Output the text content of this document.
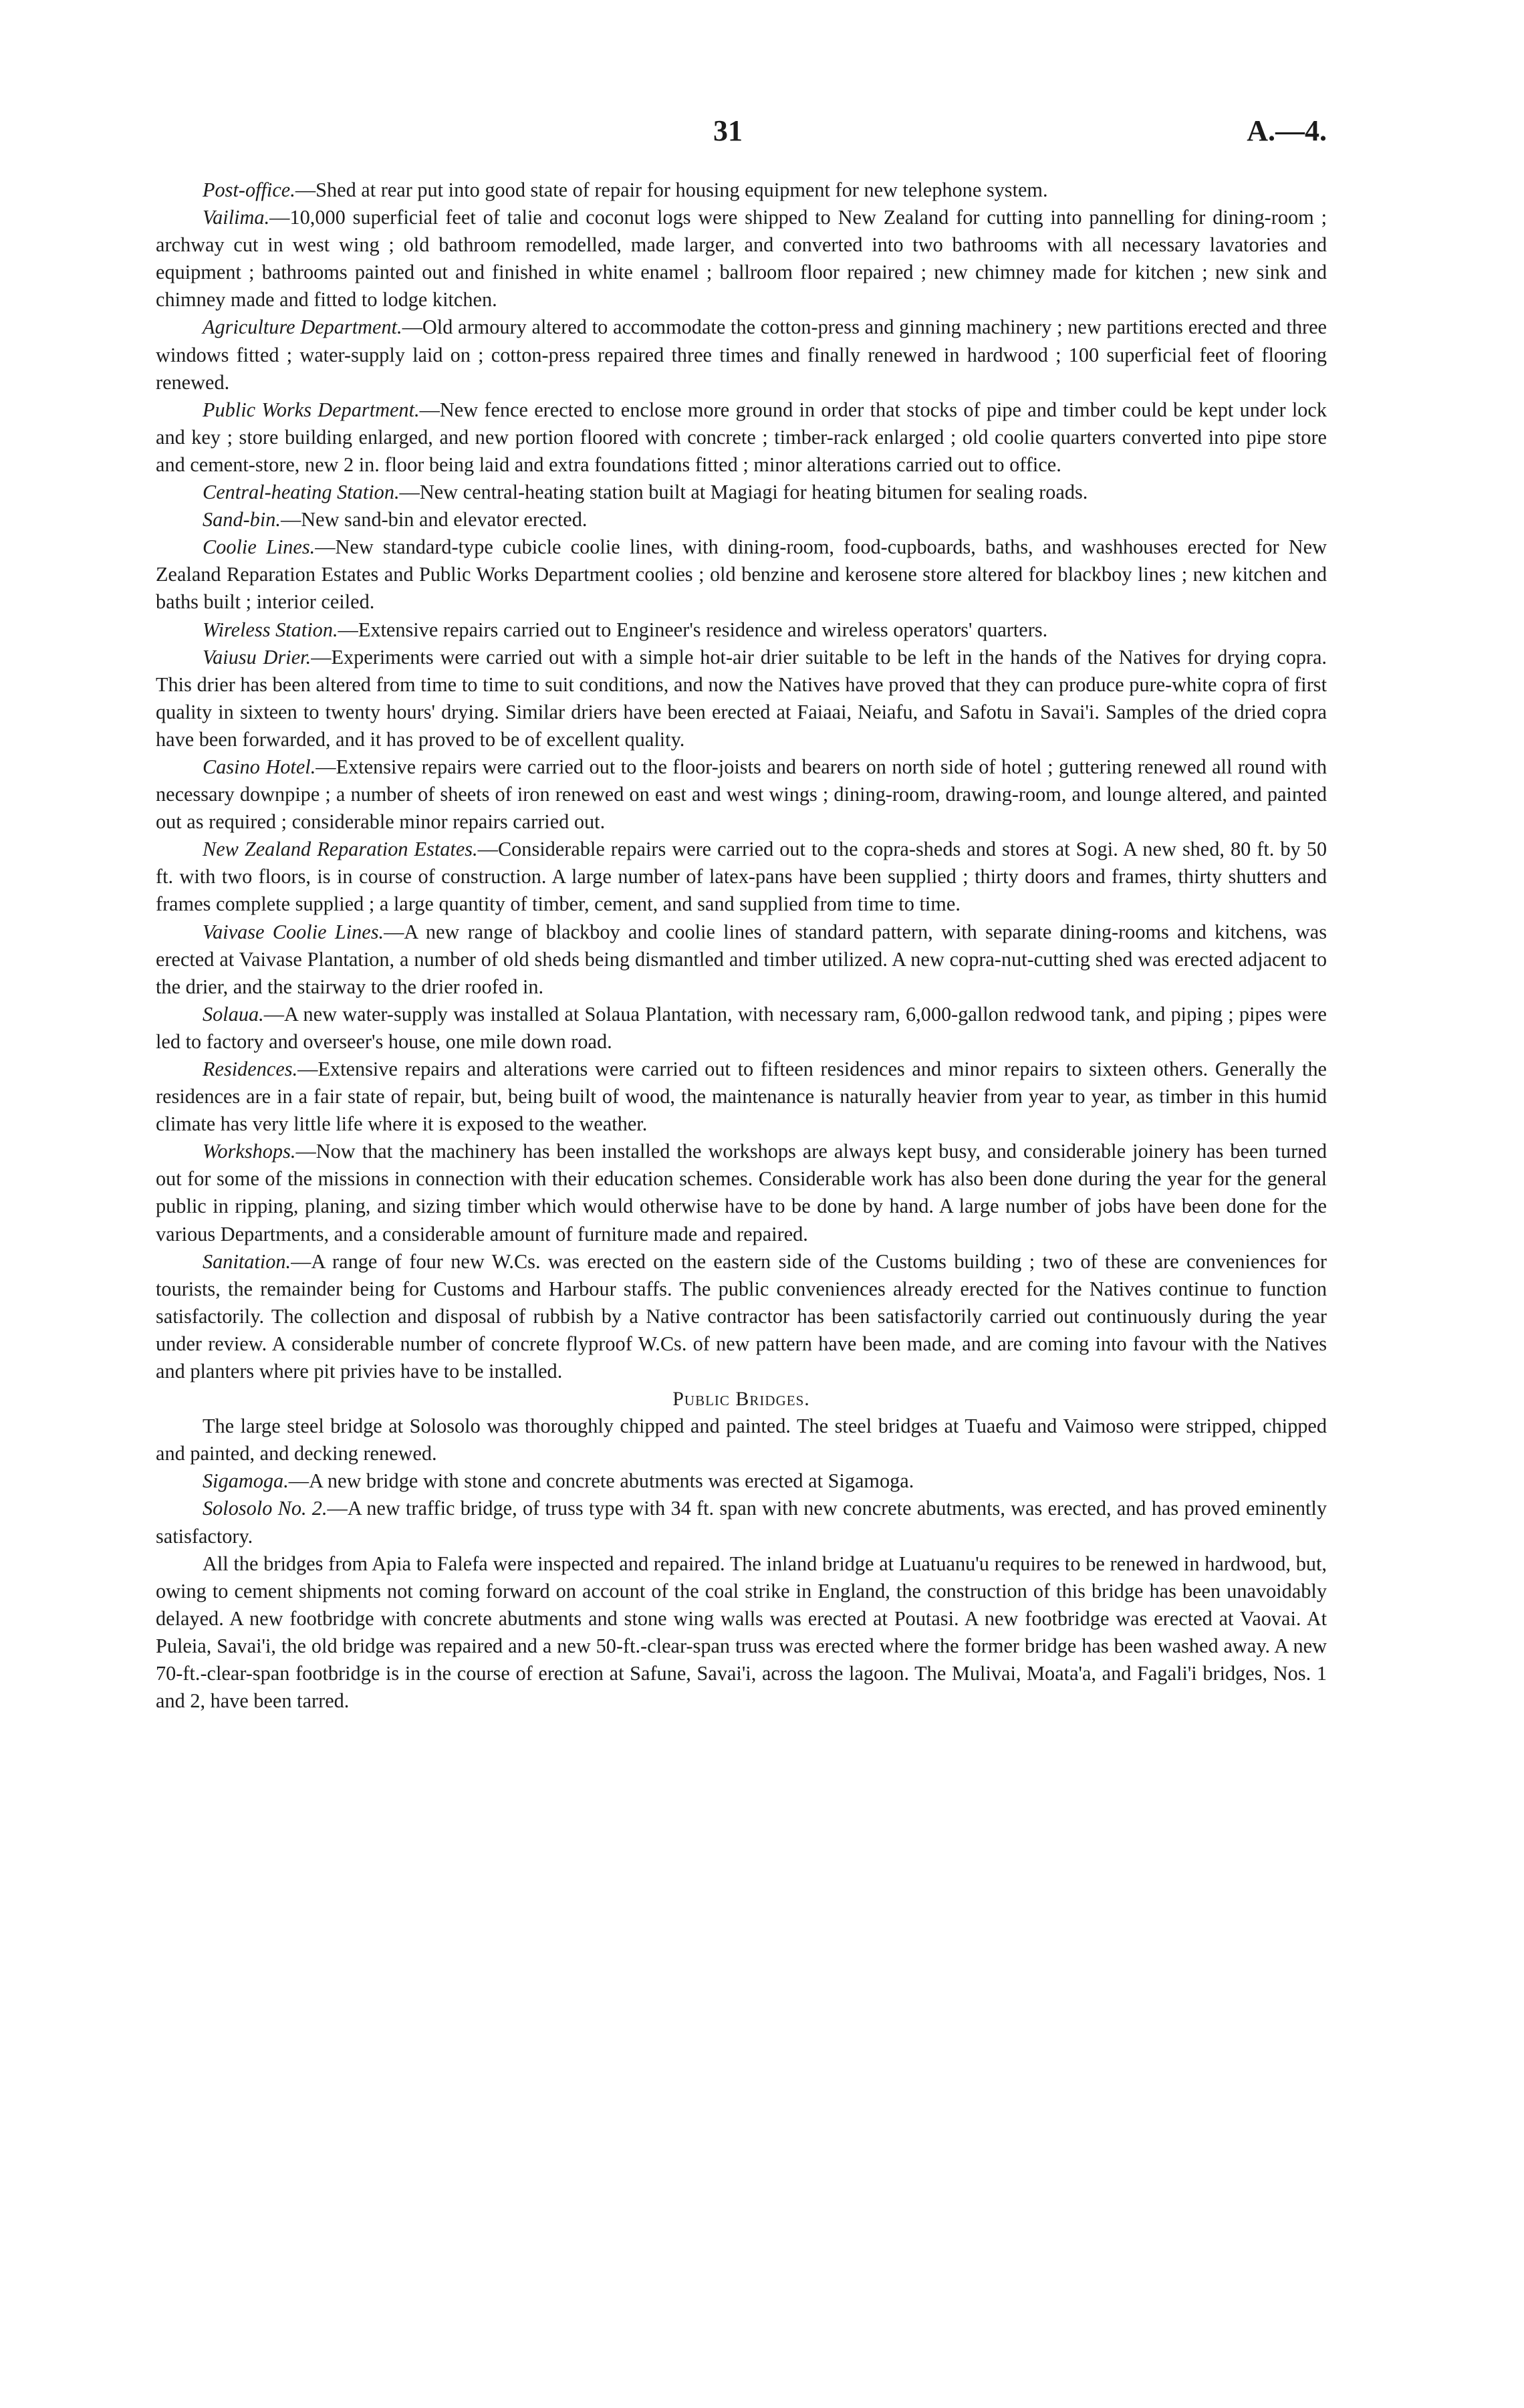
31	A.—4.

Post-office.—Shed at rear put into good state of repair for housing equipment for new telephone system.

Vailima.—10,000 superficial feet of talie and coconut logs were shipped to New Zealand for cutting into pannelling for dining-room ; archway cut in west wing ; old bathroom remodelled, made larger, and converted into two bathrooms with all necessary lavatories and equipment ; bathrooms painted out and finished in white enamel ; ballroom floor repaired ; new chimney made for kitchen ; new sink and chimney made and fitted to lodge kitchen.

Agriculture Department.—Old armoury altered to accommodate the cotton-press and ginning machinery ; new partitions erected and three windows fitted ; water-supply laid on ; cotton-press repaired three times and finally renewed in hardwood ; 100 superficial feet of flooring renewed.

Public Works Department.—New fence erected to enclose more ground in order that stocks of pipe and timber could be kept under lock and key ; store building enlarged, and new portion floored with concrete ; timber-rack enlarged ; old coolie quarters converted into pipe store and cement-store, new 2 in. floor being laid and extra foundations fitted ; minor alterations carried out to office.

Central-heating Station.—New central-heating station built at Magiagi for heating bitumen for sealing roads.

Sand-bin.—New sand-bin and elevator erected.

Coolie Lines.—New standard-type cubicle coolie lines, with dining-room, food-cupboards, baths, and washhouses erected for New Zealand Reparation Estates and Public Works Department coolies ; old benzine and kerosene store altered for blackboy lines ; new kitchen and baths built ; interior ceiled.

Wireless Station.—Extensive repairs carried out to Engineer's residence and wireless operators' quarters.

Vaiusu Drier.—Experiments were carried out with a simple hot-air drier suitable to be left in the hands of the Natives for drying copra. This drier has been altered from time to time to suit conditions, and now the Natives have proved that they can produce pure-white copra of first quality in sixteen to twenty hours' drying. Similar driers have been erected at Faiaai, Neiafu, and Safotu in Savai'i. Samples of the dried copra have been forwarded, and it has proved to be of excellent quality.

Casino Hotel.—Extensive repairs were carried out to the floor-joists and bearers on north side of hotel ; guttering renewed all round with necessary downpipe ; a number of sheets of iron renewed on east and west wings ; dining-room, drawing-room, and lounge altered, and painted out as required ; considerable minor repairs carried out.

New Zealand Reparation Estates.—Considerable repairs were carried out to the copra-sheds and stores at Sogi. A new shed, 80 ft. by 50 ft. with two floors, is in course of construction. A large number of latex-pans have been supplied ; thirty doors and frames, thirty shutters and frames complete supplied ; a large quantity of timber, cement, and sand supplied from time to time.

Vaivase Coolie Lines.—A new range of blackboy and coolie lines of standard pattern, with separate dining-rooms and kitchens, was erected at Vaivase Plantation, a number of old sheds being dismantled and timber utilized. A new copra-nut-cutting shed was erected adjacent to the drier, and the stairway to the drier roofed in.

Solaua.—A new water-supply was installed at Solaua Plantation, with necessary ram, 6,000-gallon redwood tank, and piping ; pipes were led to factory and overseer's house, one mile down road.

Residences.—Extensive repairs and alterations were carried out to fifteen residences and minor repairs to sixteen others. Generally the residences are in a fair state of repair, but, being built of wood, the maintenance is naturally heavier from year to year, as timber in this humid climate has very little life where it is exposed to the weather.

Workshops.—Now that the machinery has been installed the workshops are always kept busy, and considerable joinery has been turned out for some of the missions in connection with their education schemes. Considerable work has also been done during the year for the general public in ripping, planing, and sizing timber which would otherwise have to be done by hand. A large number of jobs have been done for the various Departments, and a considerable amount of furniture made and repaired.

Sanitation.—A range of four new W.Cs. was erected on the eastern side of the Customs building ; two of these are conveniences for tourists, the remainder being for Customs and Harbour staffs. The public conveniences already erected for the Natives continue to function satisfactorily. The collection and disposal of rubbish by a Native contractor has been satisfactorily carried out continuously during the year under review. A considerable number of concrete flyproof W.Cs. of new pattern have been made, and are coming into favour with the Natives and planters where pit privies have to be installed.

Public Bridges.

The large steel bridge at Solosolo was thoroughly chipped and painted. The steel bridges at Tuaefu and Vaimoso were stripped, chipped and painted, and decking renewed.

Sigamoga.—A new bridge with stone and concrete abutments was erected at Sigamoga.

Solosolo No. 2.—A new traffic bridge, of truss type with 34 ft. span with new concrete abutments, was erected, and has proved eminently satisfactory.

All the bridges from Apia to Falefa were inspected and repaired. The inland bridge at Luatuanu'u requires to be renewed in hardwood, but, owing to cement shipments not coming forward on account of the coal strike in England, the construction of this bridge has been unavoidably delayed. A new footbridge with concrete abutments and stone wing walls was erected at Poutasi. A new footbridge was erected at Vaovai. At Puleia, Savai'i, the old bridge was repaired and a new 50-ft.-clear-span truss was erected where the former bridge has been washed away. A new 70-ft.-clear-span footbridge is in the course of erection at Safune, Savai'i, across the lagoon. The Mulivai, Moata'a, and Fagali'i bridges, Nos. 1 and 2, have been tarred.
